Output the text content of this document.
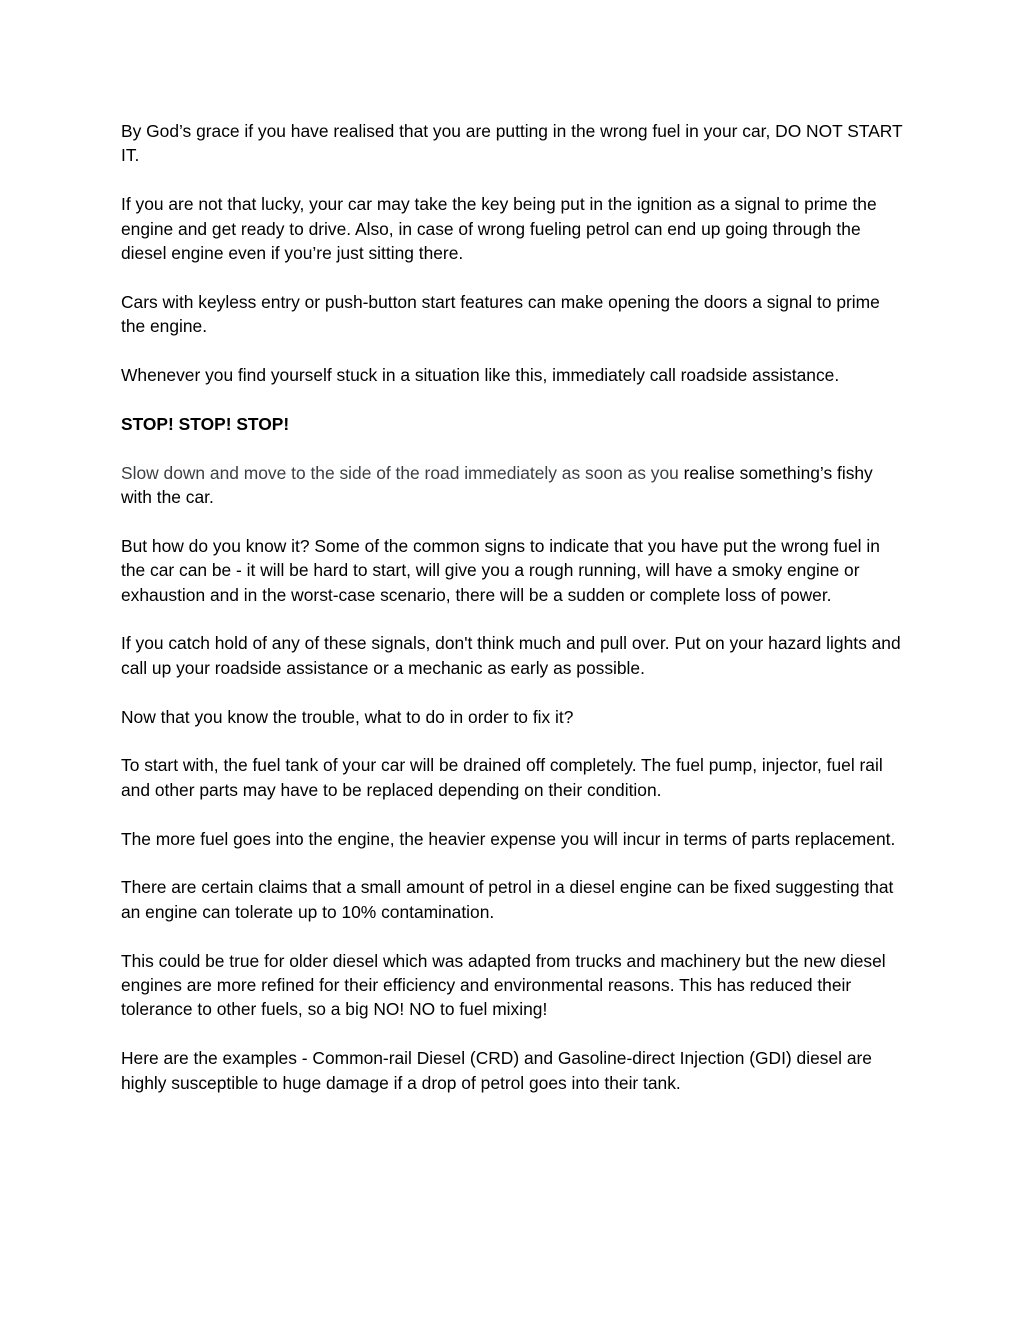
By God’s grace if you have realised that you are putting in the wrong fuel in your car, DO NOT START IT.

If you are not that lucky, your car may take the key being put in the ignition as a signal to prime the engine and get ready to drive. Also, in case of wrong fueling petrol can end up going through the diesel engine even if you’re just sitting there.

Cars with keyless entry or push-button start features can make opening the doors a signal to prime the engine.

Whenever you find yourself stuck in a situation like this, immediately call roadside assistance.

STOP! STOP! STOP!

Slow down and move to the side of the road immediately as soon as you realise something’s fishy with the car.

But how do you know it? Some of the common signs to indicate that you have put the wrong fuel in the car can be - it will be hard to start, will give you a rough running, will have a smoky engine or exhaustion and in the worst-case scenario, there will be a sudden or complete loss of power.

If you catch hold of any of these signals, don't think much and pull over. Put on your hazard lights and call up your roadside assistance or a mechanic as early as possible.

Now that you know the trouble, what to do in order to fix it?

To start with, the fuel tank of your car will be drained off completely. The fuel pump, injector, fuel rail and other parts may have to be replaced depending on their condition.

The more fuel goes into the engine, the heavier expense you will incur in terms of parts replacement.

There are certain claims that a small amount of petrol in a diesel engine can be fixed suggesting that an engine can tolerate up to 10% contamination.

This could be true for older diesel which was adapted from trucks and machinery but the new diesel engines are more refined for their efficiency and environmental reasons. This has reduced their tolerance to other fuels, so a big NO! NO to fuel mixing!

Here are the examples - Common-rail Diesel (CRD) and Gasoline-direct Injection (GDI) diesel are highly susceptible to huge damage if a drop of petrol goes into their tank.
